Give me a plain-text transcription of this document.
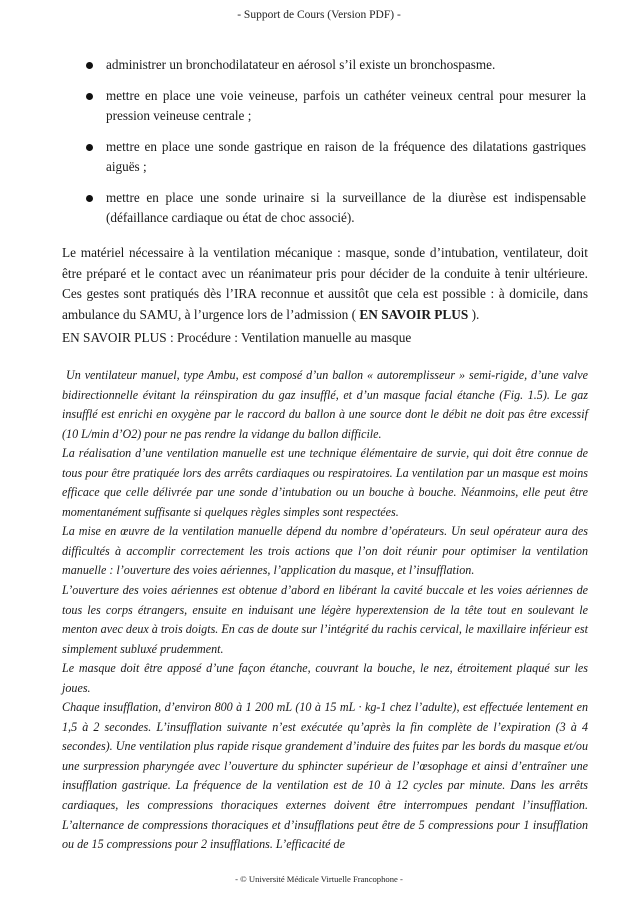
- Support de Cours (Version PDF) -
administrer un bronchodilatateur en aérosol s’il existe un bronchospasme.
mettre en place une voie veineuse, parfois un cathéter veineux central pour mesurer la pression veineuse centrale ;
mettre en place une sonde gastrique en raison de la fréquence des dilatations gastriques aiguës ;
mettre en place une sonde urinaire si la surveillance de la diurèse est indispensable (défaillance cardiaque ou état de choc associé).
Le matériel nécessaire à la ventilation mécanique : masque, sonde d’intubation, ventilateur, doit être préparé et le contact avec un réanimateur pris pour décider de la conduite à tenir ultérieure. Ces gestes sont pratiqués dès l’IRA reconnue et aussitôt que cela est possible : à domicile, dans ambulance du SAMU, à l’urgence lors de l’admission ( EN SAVOIR PLUS ).
EN SAVOIR PLUS : Procédure : Ventilation manuelle au masque

Un ventilateur manuel, type Ambu, est composé d’un ballon « autoremplisseur » semi-rigide, d’une valve bidirectionnelle évitant la réinspiration du gaz insufflé, et d’un masque facial étanche (Fig. 1.5). Le gaz insufflé est enrichi en oxygène par le raccord du ballon à une source dont le débit ne doit pas être excessif (10 L/min d’O2) pour ne pas rendre la vidange du ballon difficile.

La réalisation d’une ventilation manuelle est une technique élémentaire de survie, qui doit être connue de tous pour être pratiquée lors des arrêts cardiaques ou respiratoires. La ventilation par un masque est moins efficace que celle délivrée par une sonde d’intubation ou un bouche à bouche. Néanmoins, elle peut être momentanément suffisante si quelques règles simples sont respectées.

La mise en œuvre de la ventilation manuelle dépend du nombre d’opérateurs. Un seul opérateur aura des difficultés à accomplir correctement les trois actions que l’on doit réunir pour optimiser la ventilation manuelle : l’ouverture des voies aériennes, l’application du masque, et l’insufflation.

L’ouverture des voies aériennes est obtenue d’abord en libérant la cavité buccale et les voies aériennes de tous les corps étrangers, ensuite en induisant une légère hyperextension de la tête tout en soulevant le menton avec deux à trois doigts. En cas de doute sur l’intégrité du rachis cervical, le maxillaire inférieur est simplement subluxé prudemment.

Le masque doit être apposé d’une façon étanche, couvrant la bouche, le nez, étroitement plaqué sur les joues.

Chaque insufflation, d’environ 800 à 1 200 mL (10 à 15 mL · kg-1 chez l’adulte), est effectuée lentement en 1,5 à 2 secondes. L’insufflation suivante n’est exécutée qu’après la fin complète de l’expiration (3 à 4 secondes). Une ventilation plus rapide risque grandement d’induire des fuites par les bords du masque et/ou une surpression pharyngée avec l’ouverture du sphincter supérieur de l’œsophage et ainsi d’entraîner une insufflation gastrique. La fréquence de la ventilation est de 10 à 12 cycles par minute. Dans les arrêts cardiaques, les compressions thoraciques externes doivent être interrompues pendant l’insufflation. L’alternance de compressions thoraciques et d’insufflations peut être de 5 compressions pour 1 insufflation ou de 15 compressions pour 2 insufflations. L’efficacité de

- © Université Médicale Virtuelle Francophone -
